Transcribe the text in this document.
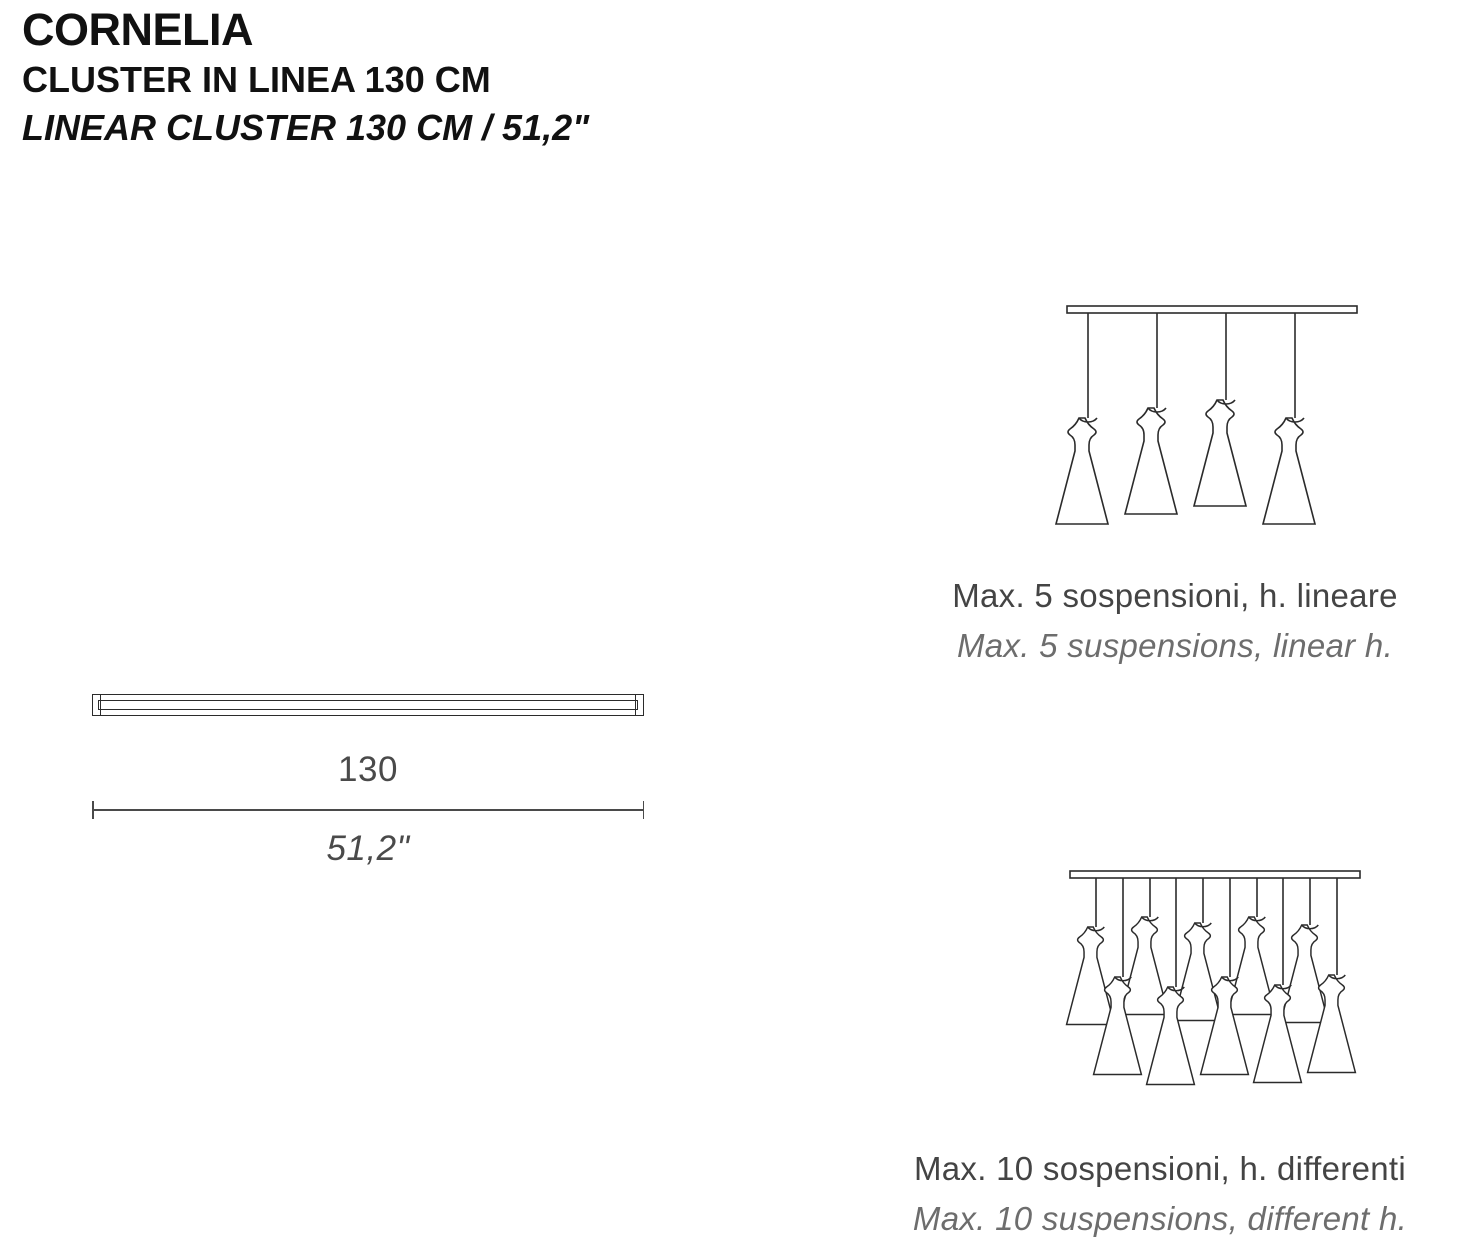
CORNELIA
CLUSTER IN LINEA 130 CM
LINEAR CLUSTER 130 CM / 51,2"
130
51,2"
Max. 5 sospensioni, h. lineare
Max. 5 suspensions, linear h.
Max. 10 sospensioni, h. differenti
Max. 10 suspensions, different h.
